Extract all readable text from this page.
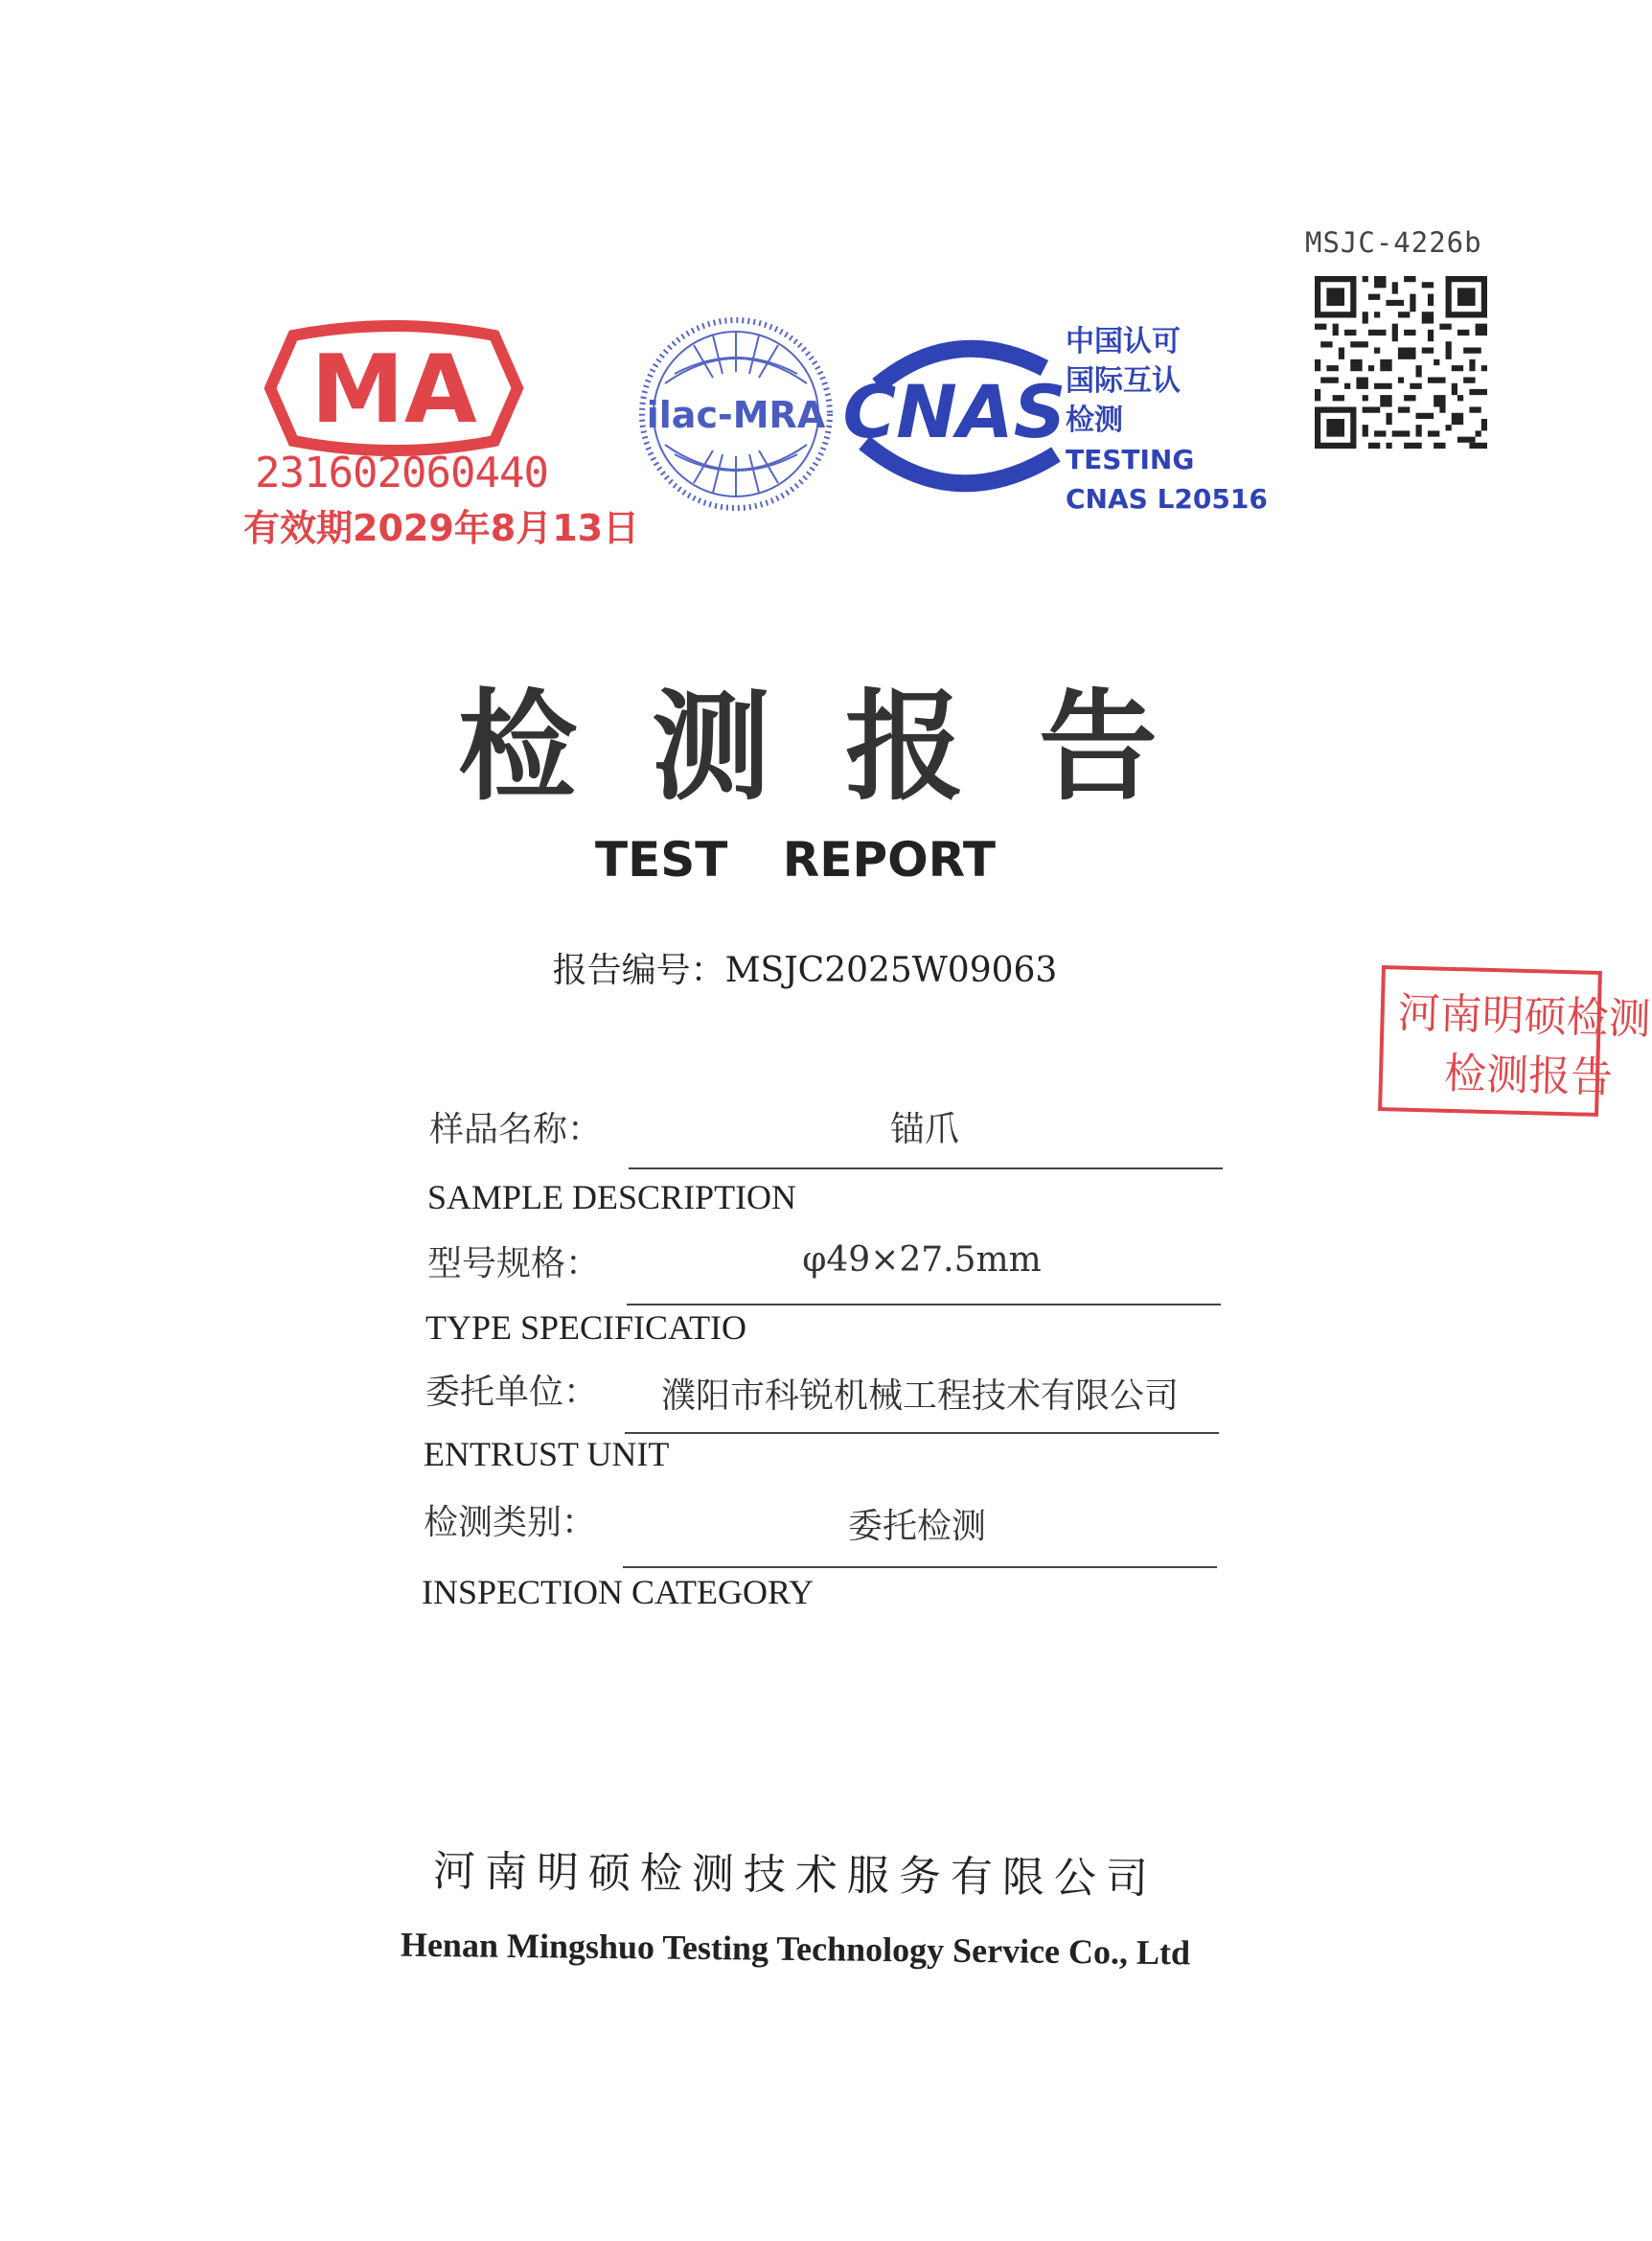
MSJC-4226b
MA
231602060440
有效期2029年8月13日
ilac-MRA CNAS
中国认可
国际互认
检测
TESTING
CNAS L20516
河南明硕检测
检测报告
检测报告
TEST REPORT
报告编号：MSJC2025W09063
样品名称：	锚爪
SAMPLE DESCRIPTION
型号规格：	φ49×27.5mm
TYPE SPECIFICATIO
委托单位：	濮阳市科锐机械工程技术有限公司
ENTRUST UNIT
检测类别：	委托检测
INSPECTION CATEGORY
河南明硕检测技术服务有限公司
Henan Mingshuo Testing Technology Service Co., Ltd
